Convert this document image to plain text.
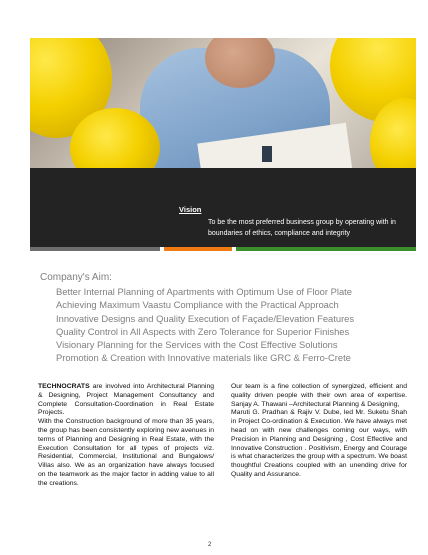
Vision
To be the most preferred business group by operating with in boundaries of ethics, compliance and integrity
Company's Aim:
Better Internal Planning of Apartments with Optimum Use of Floor Plate
Achieving Maximum Vaastu Compliance with the Practical Approach
Innovative Designs and Quality Execution of Façade/Elevation Features
Quality Control in All Aspects with Zero Tolerance for Superior Finishes
Visionary Planning for the Services with the Cost Effective Solutions
Promotion & Creation with Innovative materials like GRC & Ferro-Crete

TECHNOCRATS are involved into Architectural Planning & Designing, Project Management Consultancy and Complete Consultation-Coordination in Real Estate Projects.

With the Construction background of more than 35 years, the group has been consistently exploring new avenues in terms of Planning and Designing in Real Estate, with the Execution Consultation for all types of projects viz. Residential, Commercial, Institutional and Bungalows/ Villas also. We as an organization have always focused on the teamwork as the major factor in adding value to all the creations.

Our team is a fine collection of synergized, efficient and quality driven people with their own area of expertise. Sanjay A. Thawani –Architectural Planning & Designing,

Maruti G. Pradhan & Rajiv V. Dube, led Mr. Suketu Shah in Project Co-ordination & Execution. We have always met head on with new challenges coming our ways, with Precision in Planning and Designing , Cost Effective and Innovative Construction . Positivism, Energy and Courage is what characterizes the group with a spectrum. We boast thoughtful Creations coupled with an unending drive for Quality and Assurance.

2
